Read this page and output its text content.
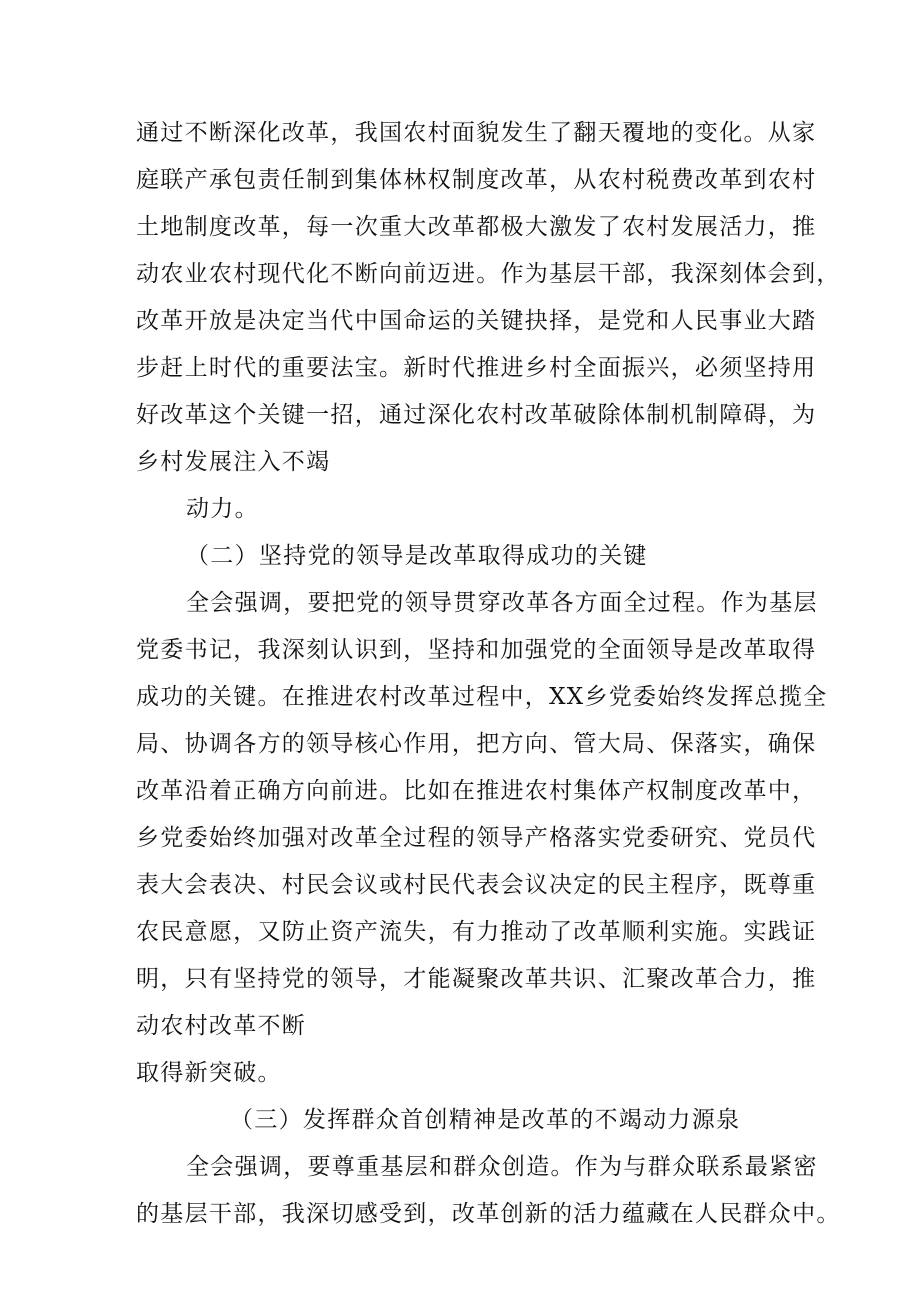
通过不断深化改革，我国农村面貌发生了翻天覆地的变化。从家
庭联产承包责任制到集体林权制度改革，从农村税费改革到农村
土地制度改革，每一次重大改革都极大激发了农村发展活力，推
动农业农村现代化不断向前迈进。作为基层干部，我深刻体会到，
改革开放是决定当代中国命运的关键抉择，是党和人民事业大踏
步赶上时代的重要法宝。新时代推进乡村全面振兴，必须坚持用
好改革这个关键一招，通过深化农村改革破除体制机制障碍，为
乡村发展注入不竭
动力。
（二）坚持党的领导是改革取得成功的关键
全会强调，要把党的领导贯穿改革各方面全过程。作为基层
党委书记，我深刻认识到，坚持和加强党的全面领导是改革取得
成功的关键。在推进农村改革过程中，XX乡党委始终发挥总揽全
局、协调各方的领导核心作用，把方向、管大局、保落实，确保
改革沿着正确方向前进。比如在推进农村集体产权制度改革中，
乡党委始终加强对改革全过程的领导产格落实党委研究、党员代
表大会表决、村民会议或村民代表会议决定的民主程序，既尊重
农民意愿，又防止资产流失，有力推动了改革顺利实施。实践证
明，只有坚持党的领导，才能凝聚改革共识、汇聚改革合力，推
动农村改革不断
取得新突破。
（三）发挥群众首创精神是改革的不竭动力源泉
全会强调，要尊重基层和群众创造。作为与群众联系最紧密
的基层干部，我深切感受到，改革创新的活力蕴藏在人民群众中。
